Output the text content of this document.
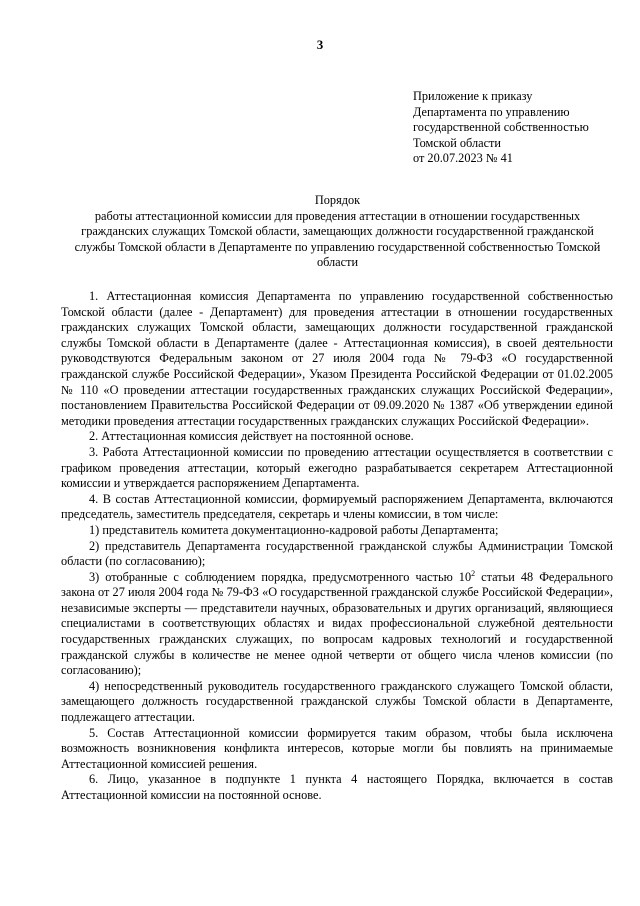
3
Приложение к приказу
Департамента по управлению
государственной собственностью
Томской области
от 20.07.2023 № 41
Порядок
работы аттестационной комиссии для проведения аттестации в отношении государственных гражданских служащих Томской области, замещающих должности государственной гражданской службы Томской области в Департаменте по управлению государственной собственностью Томской области

1. Аттестационная комиссия Департамента по управлению государственной собственностью Томской области (далее - Департамент) для проведения аттестации в отношении государственных гражданских служащих Томской области, замещающих должности государственной гражданской службы Томской области в Департаменте (далее - Аттестационная комиссия), в своей деятельности руководствуются Федеральным законом от 27 июля 2004 года № 79-ФЗ «О государственной гражданской службе Российской Федерации», Указом Президента Российской Федерации от 01.02.2005 № 110 «О проведении аттестации государственных гражданских служащих Российской Федерации», постановлением Правительства Российской Федерации от 09.09.2020 № 1387 «Об утверждении единой методики проведения аттестации государственных гражданских служащих Российской Федерации».

2. Аттестационная комиссия действует на постоянной основе.

3. Работа Аттестационной комиссии по проведению аттестации осуществляется в соответствии с графиком проведения аттестации, который ежегодно разрабатывается секретарем Аттестационной комиссии и утверждается распоряжением Департамента.

4. В состав Аттестационной комиссии, формируемый распоряжением Департамента, включаются председатель, заместитель председателя, секретарь и члены комиссии, в том числе:

1) представитель комитета документационно-кадровой работы Департамента;

2) представитель Департамента государственной гражданской службы Администрации Томской области (по согласованию);

3) отобранные с соблюдением порядка, предусмотренного частью $10^2$ статьи 48 Федерального закона от 27 июля 2004 года № 79-ФЗ «О государственной гражданской службе Российской Федерации», независимые эксперты — представители научных, образовательных и других организаций, являющиеся специалистами в соответствующих областях и видах профессиональной служебной деятельности государственных гражданских служащих, по вопросам кадровых технологий и государственной гражданской службы в количестве не менее одной четверти от общего числа членов комиссии (по согласованию);

4) непосредственный руководитель государственного гражданского служащего Томской области, замещающего должность государственной гражданской службы Томской области в Департаменте, подлежащего аттестации.

5. Состав Аттестационной комиссии формируется таким образом, чтобы была исключена возможность возникновения конфликта интересов, которые могли бы повлиять на принимаемые Аттестационной комиссией решения.

6. Лицо, указанное в подпункте 1 пункта 4 настоящего Порядка, включается в состав Аттестационной комиссии на постоянной основе.
